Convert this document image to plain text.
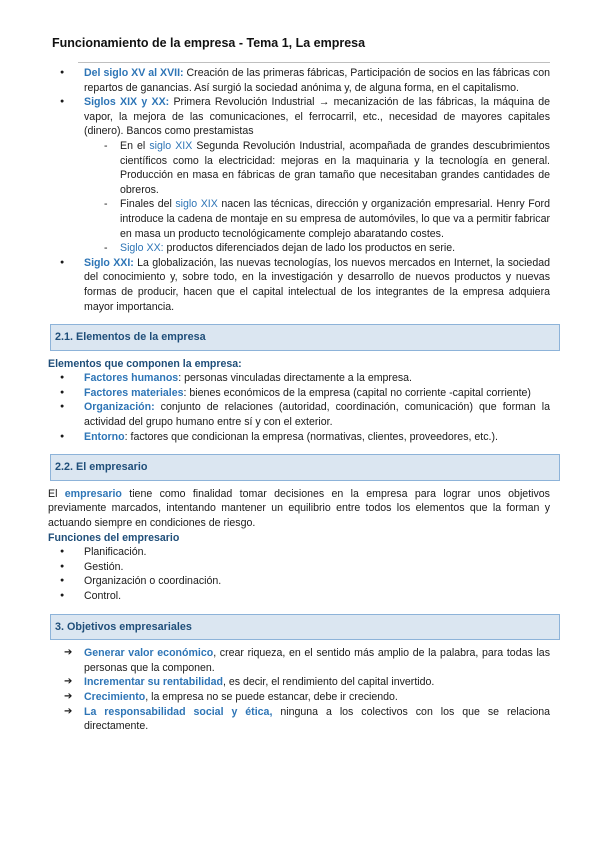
Funcionamiento de la empresa - Tema 1, La empresa
● Del siglo XV al XVII: Creación de las primeras fábricas, Participación de socios en las fábricas con repartos de ganancias. Así surgió la sociedad anónima y, de alguna forma, en el capitalismo.
● Siglos XIX y XX: Primera Revolución Industrial → mecanización de las fábricas, la máquina de vapor, la mejora de las comunicaciones, el ferrocarril, etc., necesidad de mayores capitales (dinero). Bancos como prestamistas
- En el siglo XIX Segunda Revolución Industrial, acompañada de grandes descubrimientos científicos como la electricidad: mejoras en la maquinaria y la tecnología en general. Producción en masa en fábricas de gran tamaño que necesitaban grandes cantidades de obreros.
- Finales del siglo XIX nacen las técnicas, dirección y organización empresarial. Henry Ford introduce la cadena de montaje en su empresa de automóviles, lo que va a permitir fabricar en masa un producto tecnológicamente complejo abaratando costes.
- Siglo XX: productos diferenciados dejan de lado los productos en serie.
● Siglo XXI: La globalización, las nuevas tecnologías, los nuevos mercados en Internet, la sociedad del conocimiento y, sobre todo, en la investigación y desarrollo de nuevos productos y nuevas formas de producir, hacen que el capital intelectual de los integrantes de la empresa adquiera mayor importancia.
2.1. Elementos de la empresa
Elementos que componen la empresa:
● Factores humanos: personas vinculadas directamente a la empresa.
● Factores materiales: bienes económicos de la empresa (capital no corriente -capital corriente)
● Organización: conjunto de relaciones (autoridad, coordinación, comunicación) que forman la actividad del grupo humano entre sí y con el exterior.
● Entorno: factores que condicionan la empresa (normativas, clientes, proveedores, etc.).
2.2. El empresario

El empresario tiene como finalidad tomar decisiones en la empresa para lograr unos objetivos previamente marcados, intentando mantener un equilibrio entre todos los elementos que la forman y actuando siempre en condiciones de riesgo.

Funciones del empresario
● Planificación.
● Gestión.
● Organización o coordinación.
● Control.
3. Objetivos empresariales
➔ Generar valor económico, crear riqueza, en el sentido más amplio de la palabra, para todas las personas que la componen.
➔ Incrementar su rentabilidad, es decir, el rendimiento del capital invertido.
➔ Crecimiento, la empresa no se puede estancar, debe ir creciendo.
➔ La responsabilidad social y ética, ninguna a los colectivos con los que se relaciona directamente.
